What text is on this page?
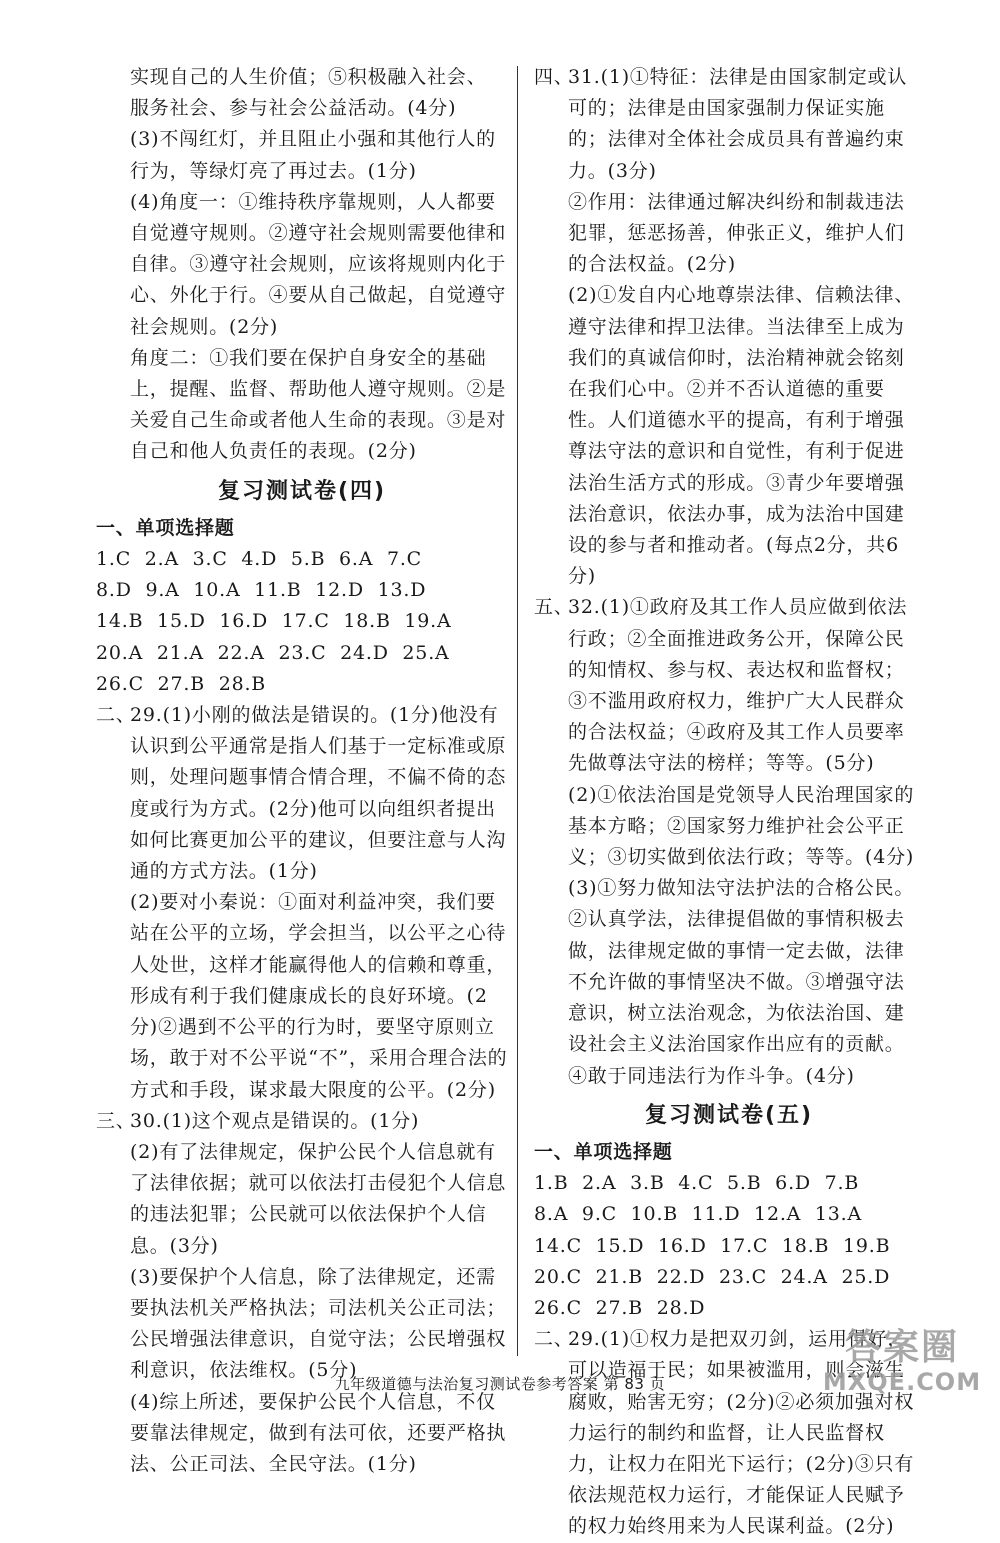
实现自己的人生价值；⑤积极融入社会、

服务社会、参与社会公益活动。(4分)

(3)不闯红灯，并且阻止小强和其他行人的行为，等绿灯亮了再过去。(1分)

(4)角度一：①维持秩序靠规则，人人都要自觉遵守规则。②遵守社会规则需要他律和自律。③遵守社会规则，应该将规则内化于心、外化于行。④要从自己做起，自觉遵守社会规则。(2分)

角度二：①我们要在保护自身安全的基础上，提醒、监督、帮助他人遵守规则。②是关爱自己生命或者他人生命的表现。③是对自己和他人负责任的表现。(2分)

复习测试卷(四)

一、单项选择题

1.C  2.A  3.C  4.D  5.B  6.A  7.C

8.D  9.A  10.A  11.B  12.D  13.D

14.B  15.D  16.D  17.C  18.B  19.A

20.A  21.A  22.A  23.C  24.D  25.A

26.C  27.B  28.B

二、
29.(1)小刚的做法是错误的。(1分)他没有认识到公平通常是指人们基于一定标准或原则，处理问题事情合情合理，不偏不倚的态度或行为方式。(2分)他可以向组织者提出如何比赛更加公平的建议，但要注意与人沟通的方式方法。(1分)

(2)要对小秦说：①面对利益冲突，我们要站在公平的立场，学会担当，以公平之心待人处世，这样才能赢得他人的信赖和尊重，形成有利于我们健康成长的良好环境。(2分)②遇到不公平的行为时，要坚守原则立场，敢于对不公平说“不”，采用合理合法的方式和手段，谋求最大限度的公平。(2分)

三、
30.(1)这个观点是错误的。(1分)

(2)有了法律规定，保护公民个人信息就有了法律依据；就可以依法打击侵犯个人信息的违法犯罪；公民就可以依法保护个人信息。(3分)

(3)要保护个人信息，除了法律规定，还需要执法机关严格执法；司法机关公正司法；公民增强法律意识，自觉守法；公民增强权利意识，依法维权。(5分)

(4)综上所述，要保护公民个人信息，不仅要靠法律规定，做到有法可依，还要严格执法、公正司法、全民守法。(1分)

四、
31.(1)①特征：法律是由国家制定或认可的；法律是由国家强制力保证实施的；法律对全体社会成员具有普遍约束力。(3分)

②作用：法律通过解决纠纷和制裁违法犯罪，惩恶扬善，伸张正义，维护人们的合法权益。(2分)

(2)①发自内心地尊崇法律、信赖法律、遵守法律和捍卫法律。当法律至上成为我们的真诚信仰时，法治精神就会铭刻在我们心中。②并不否认道德的重要性。人们道德水平的提高，有利于增强尊法守法的意识和自觉性，有利于促进法治生活方式的形成。③青少年要增强法治意识，依法办事，成为法治中国建设的参与者和推动者。(每点2分，共6分)

五、
32.(1)①政府及其工作人员应做到依法行政；②全面推进政务公开，保障公民的知情权、参与权、表达权和监督权；③不滥用政府权力，维护广大人民群众的合法权益；④政府及其工作人员要率先做尊法守法的榜样；等等。(5分)

(2)①依法治国是党领导人民治理国家的基本方略；②国家努力维护社会公平正义；③切实做到依法行政；等等。(4分)

(3)①努力做知法守法护法的合格公民。②认真学法，法律提倡做的事情积极去做，法律规定做的事情一定去做，法律不允许做的事情坚决不做。③增强守法意识，树立法治观念，为依法治国、建设社会主义法治国家作出应有的贡献。④敢于同违法行为作斗争。(4分)

复习测试卷(五)

一、单项选择题

1.B  2.A  3.B  4.C  5.B  6.D  7.B

8.A  9.C  10.B  11.D  12.A  13.A

14.C  15.D  16.D  17.C  18.B  19.B

20.C  21.B  22.D  23.C  24.A  25.D

26.C  27.B  28.D

二、
29.(1)①权力是把双刃剑，运用得好，可以造福于民；如果被滥用，则会滋生腐败，贻害无穷；(2分)②必须加强对权力运行的制约和监督，让人民监督权力，让权力在阳光下运行；(2分)③只有依法规范权力运行，才能保证人民赋予的权力始终用来为人民谋利益。(2分)

九年级道德与法治复习测试卷参考答案 第 83 页
答案圈
MXQE.COM
